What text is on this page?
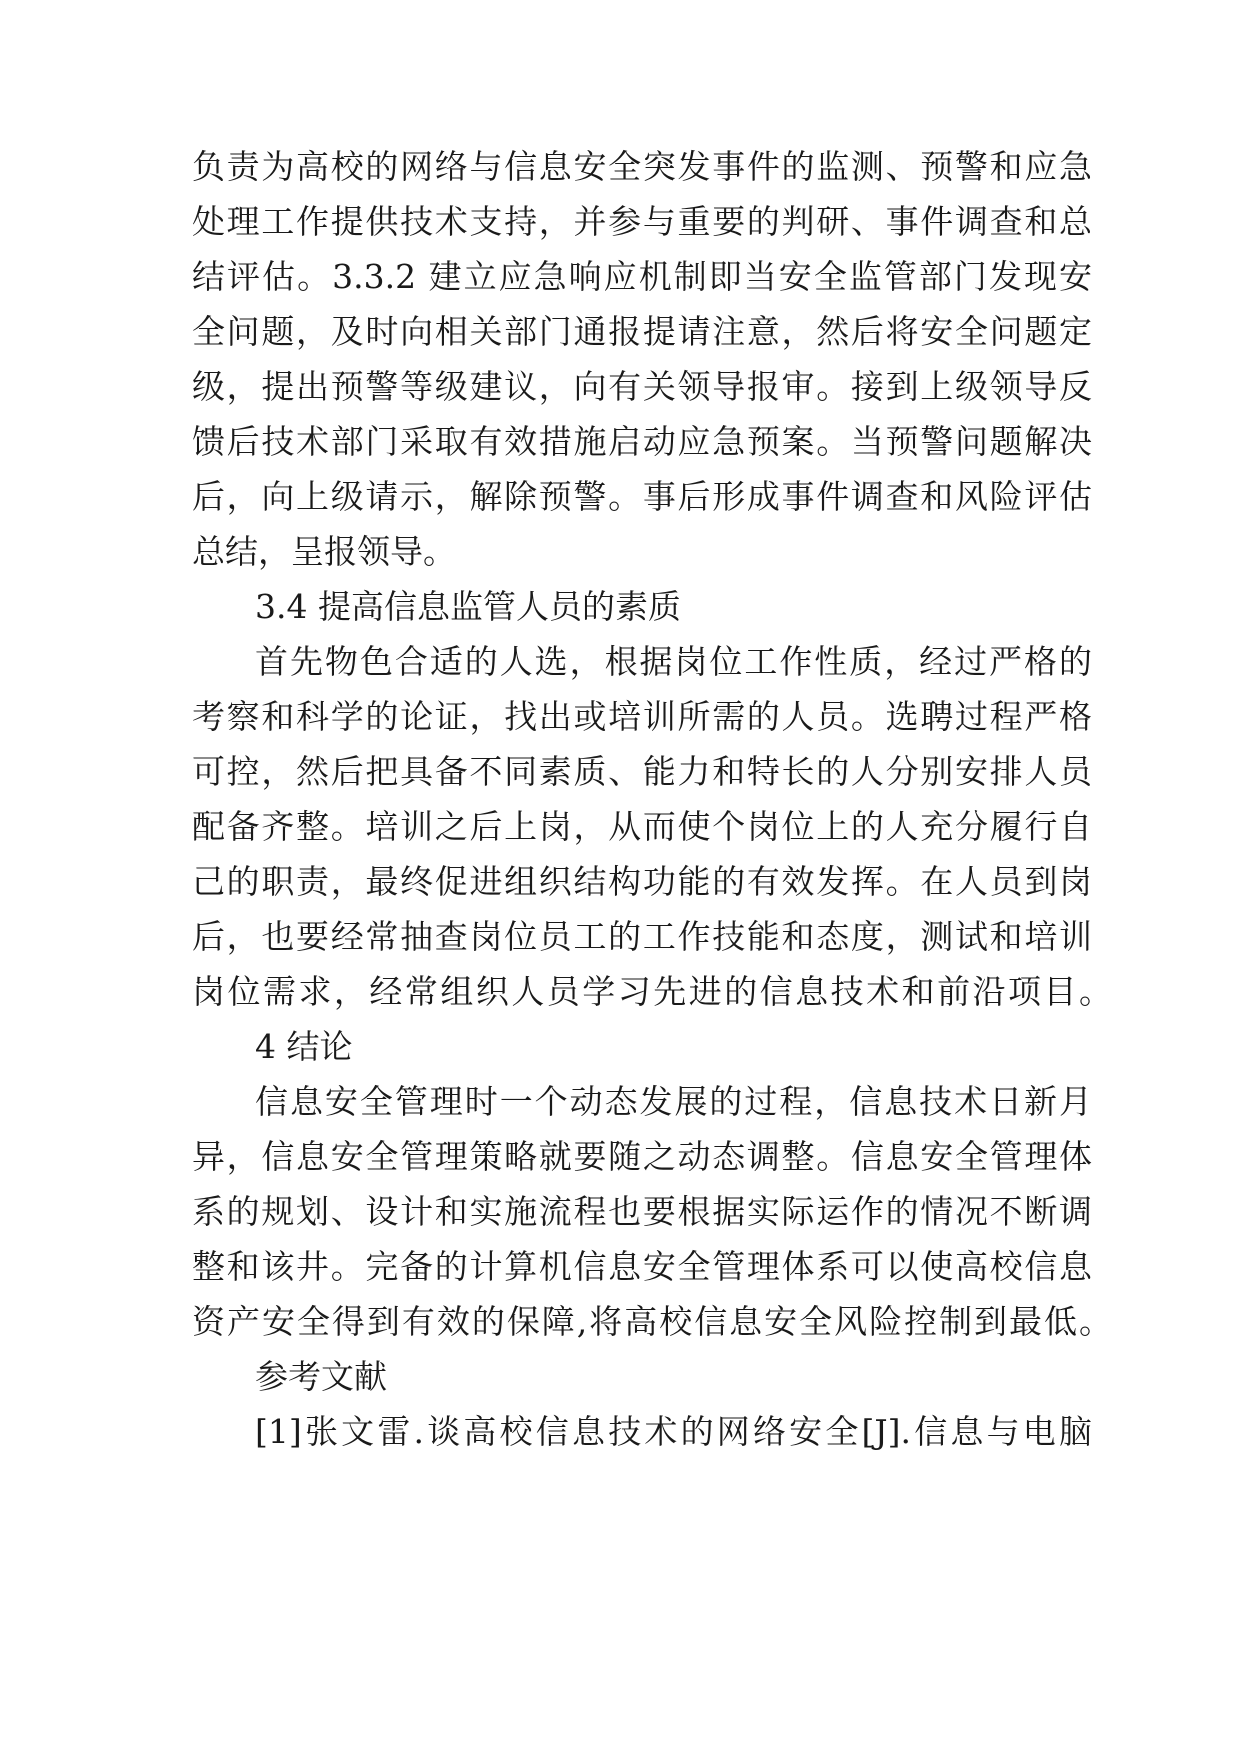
负责为高校的网络与信息安全突发事件的监测、预警和应急
处理工作提供技术支持，并参与重要的判研、事件调查和总
结评估。3.3.2 建立应急响应机制即当安全监管部门发现安
全问题，及时向相关部门通报提请注意，然后将安全问题定
级，提出预警等级建议，向有关领导报审。接到上级领导反
馈后技术部门采取有效措施启动应急预案。当预警问题解决
后，向上级请示，解除预警。事后形成事件调查和风险评估
总结，呈报领导。
3.4 提高信息监管人员的素质
首先物色合适的人选，根据岗位工作性质，经过严格的
考察和科学的论证，找出或培训所需的人员。选聘过程严格
可控，然后把具备不同素质、能力和特长的人分别安排人员
配备齐整。培训之后上岗，从而使个岗位上的人充分履行自
己的职责，最终促进组织结构功能的有效发挥。在人员到岗
后，也要经常抽查岗位员工的工作技能和态度，测试和培训
岗位需求，经常组织人员学习先进的信息技术和前沿项目。
4 结论
信息安全管理时一个动态发展的过程，信息技术日新月
异，信息安全管理策略就要随之动态调整。信息安全管理体
系的规划、设计和实施流程也要根据实际运作的情况不断调
整和该井。完备的计算机信息安全管理体系可以使高校信息
资产安全得到有效的保障,将高校信息安全风险控制到最低。
参考文献
[1]张文雷.谈高校信息技术的网络安全[J].信息与电脑
